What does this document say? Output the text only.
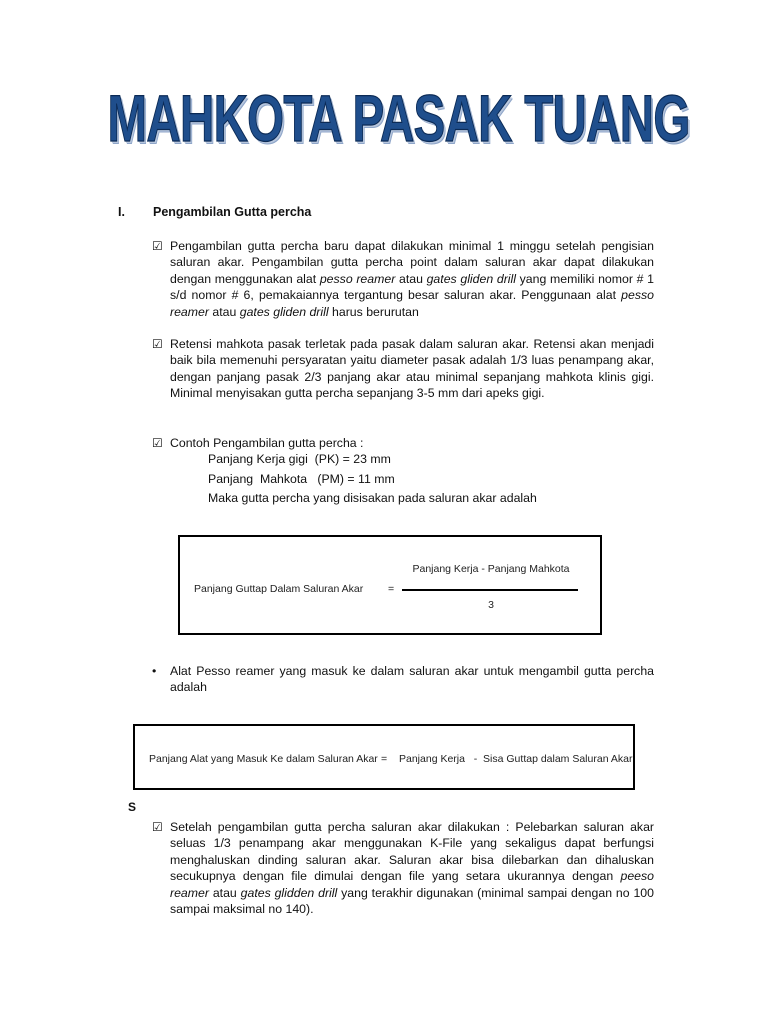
MAHKOTA PASAK TUANG
I. Pengambilan Gutta percha
☑ Pengambilan gutta percha baru dapat dilakukan minimal 1 minggu setelah pengisian saluran akar. Pengambilan gutta percha point dalam saluran akar dapat dilakukan dengan menggunakan alat pesso reamer atau gates gliden drill yang memiliki nomor # 1 s/d nomor # 6, pemakaiannya tergantung besar saluran akar. Penggunaan alat pesso reamer atau gates gliden drill harus berurutan
☑ Retensi mahkota pasak terletak pada pasak dalam saluran akar. Retensi akan menjadi baik bila memenuhi persyaratan yaitu diameter pasak adalah 1/3 luas penampang akar, dengan panjang pasak 2/3 panjang akar atau minimal sepanjang mahkota klinis gigi. Minimal menyisakan gutta percha sepanjang 3-5 mm dari apeks gigi.
☑ Contoh Pengambilan gutta percha :
Panjang Kerja gigi  (PK) = 23 mm
Panjang  Mahkota   (PM) = 11 mm
Maka gutta percha yang disisakan pada saluran akar adalah
Panjang Guttap Dalam Saluran Akar =
Panjang Kerja - Panjang Mahkota
3
•	Alat Pesso reamer yang masuk ke dalam saluran akar untuk mengambil gutta percha adalah
Panjang Alat yang Masuk Ke dalam Saluran Akar = Panjang Kerja   -  Sisa Guttap dalam Saluran Akar
S
☑ Setelah pengambilan gutta percha saluran akar dilakukan : Pelebarkan saluran akar seluas 1/3 penampang akar menggunakan K-File yang sekaligus dapat berfungsi menghaluskan dinding saluran akar. Saluran akar bisa dilebarkan dan dihaluskan secukupnya dengan file dimulai dengan file yang setara ukurannya dengan peeso reamer atau gates glidden drill yang terakhir digunakan (minimal sampai dengan no 100 sampai maksimal no 140).
